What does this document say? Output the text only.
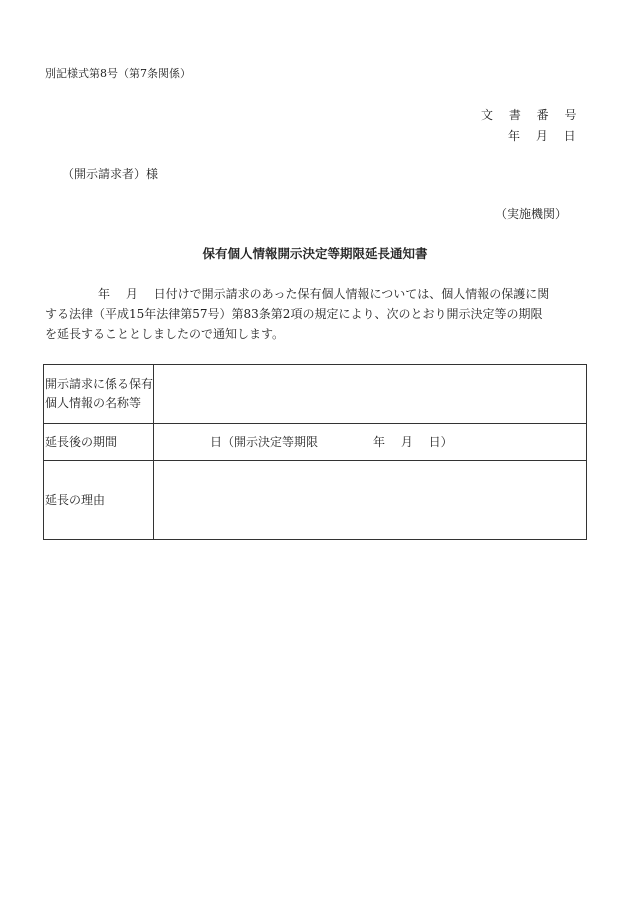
別記様式第8号（第7条関係）
文 書 番 号
年 月 日
（開示請求者）様
（実施機関）
保有個人情報開示決定等期限延長通知書

年　 月　 日付けで開示請求のあった保有個人情報については、個人情報の保護に関

する法律（平成15年法律第57号）第83条第2項の規定により、次のとおり開示決定等の期限

を延長することとしましたので通知します。

開示請求に係る保有個人情報の名称等	
延長後の期間	日（開示決定等期限 年　 月　 日）

延長の理由	
